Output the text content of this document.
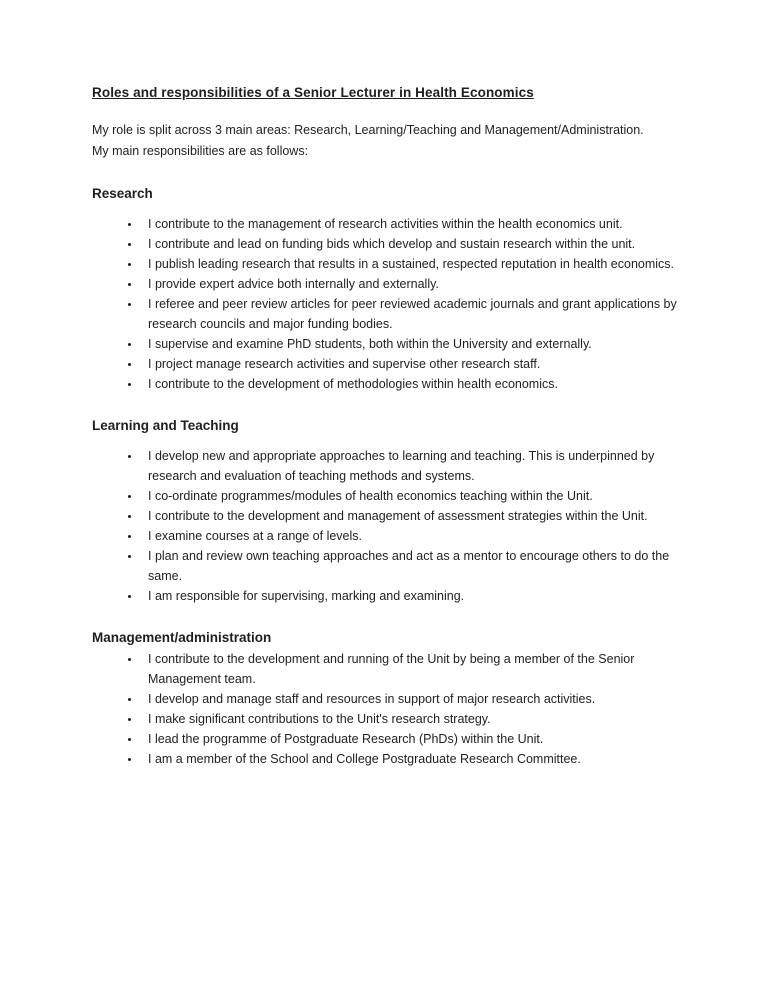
Roles and responsibilities of a Senior Lecturer in Health Economics
My role is split across 3 main areas: Research, Learning/Teaching and Management/Administration.
My main responsibilities are as follows:
Research
• I contribute to the management of research activities within the health economics unit.
• I contribute and lead on funding bids which develop and sustain research within the unit.
• I publish leading research that results in a sustained, respected reputation in health economics.
• I provide expert advice both internally and externally.
• I referee and peer review articles for peer reviewed academic journals and grant applications by research councils and major funding bodies.
• I supervise and examine PhD students, both within the University and externally.
• I project manage research activities and supervise other research staff.
• I contribute to the development of methodologies within health economics.
Learning and Teaching
• I develop new and appropriate approaches to learning and teaching. This is underpinned by research and evaluation of teaching methods and systems.
• I co-ordinate programmes/modules of health economics teaching within the Unit.
• I contribute to the development and management of assessment strategies within the Unit.
• I examine courses at a range of levels.
• I plan and review own teaching approaches and act as a mentor to encourage others to do the same.
• I am responsible for supervising, marking and examining.
Management/administration
• I contribute to the development and running of the Unit by being a member of the Senior Management team.
• I develop and manage staff and resources in support of major research activities.
• I make significant contributions to the Unit's research strategy.
• I lead the programme of Postgraduate Research (PhDs) within the Unit.
• I am a member of the School and College Postgraduate Research Committee.
